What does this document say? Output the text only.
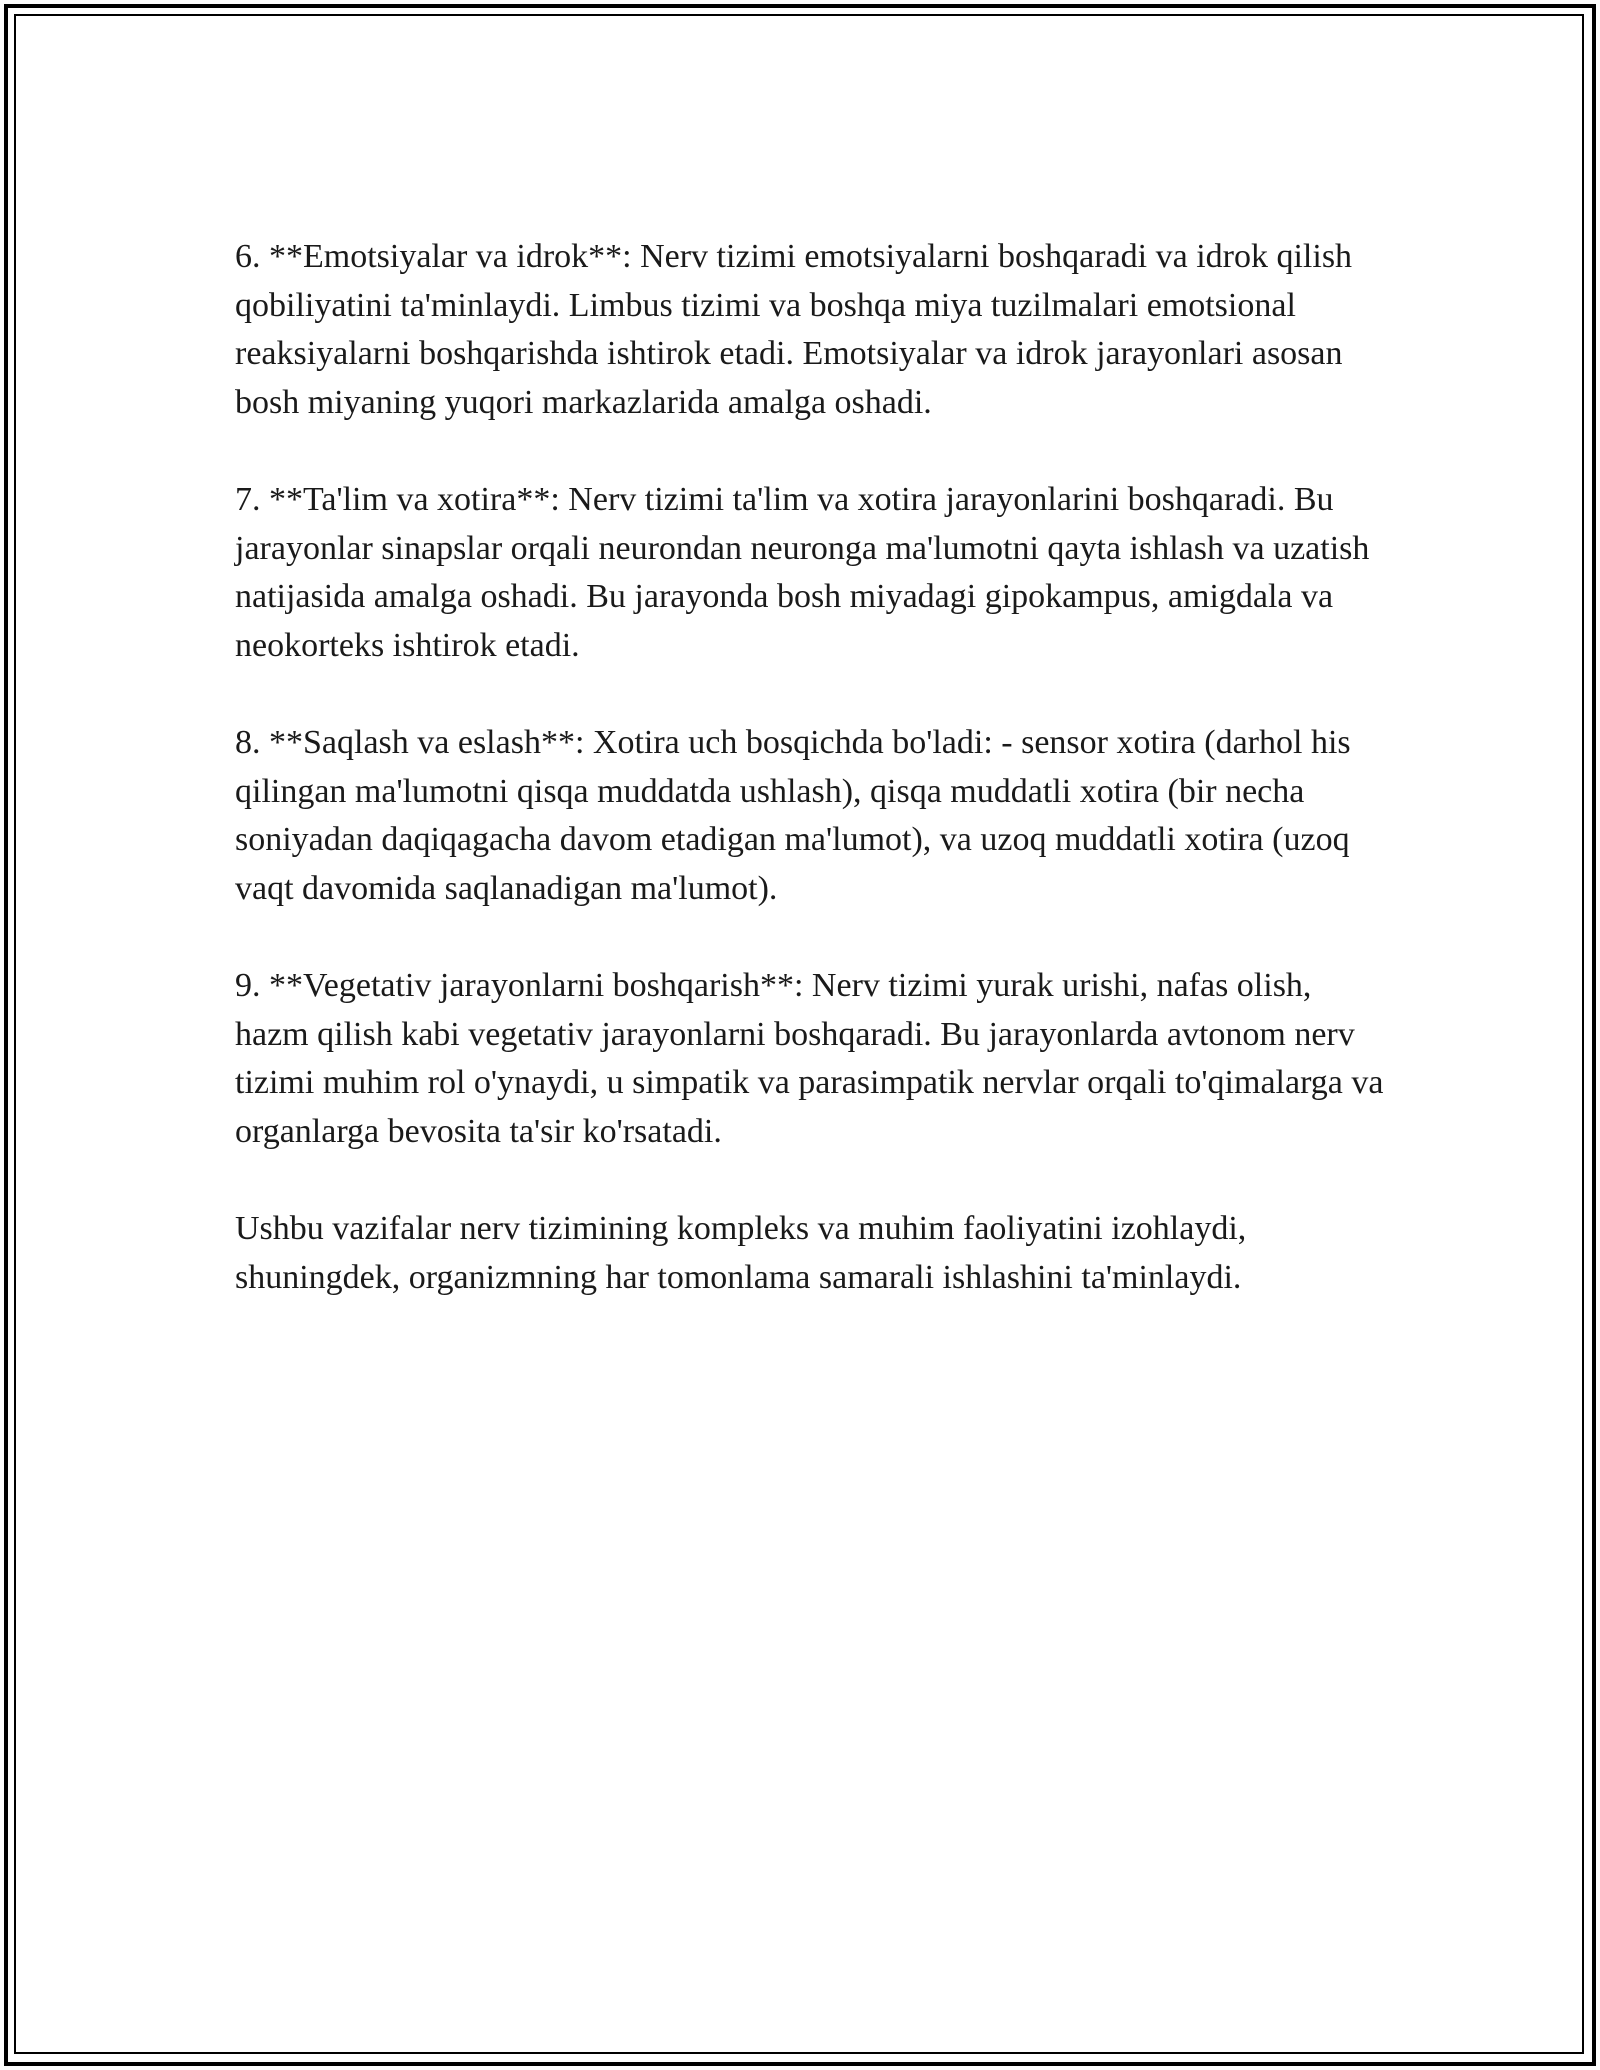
6. **Emotsiyalar va idrok**: Nerv tizimi emotsiyalarni boshqaradi va idrok qilish qobiliyatini ta'minlaydi. Limbus tizimi va boshqa miya tuzilmalari emotsional reaksiyalarni boshqarishda ishtirok etadi. Emotsiyalar va idrok jarayonlari asosan bosh miyaning yuqori markazlarida amalga oshadi.

7. **Ta'lim va xotira**: Nerv tizimi ta'lim va xotira jarayonlarini boshqaradi. Bu jarayonlar sinapslar orqali neurondan neuronga ma'lumotni qayta ishlash va uzatish natijasida amalga oshadi. Bu jarayonda bosh miyadagi gipokampus, amigdala va neokorteks ishtirok etadi.

8. **Saqlash va eslash**: Xotira uch bosqichda bo'ladi: - sensor xotira (darhol his qilingan ma'lumotni qisqa muddatda ushlash), qisqa muddatli xotira (bir necha soniyadan daqiqagacha davom etadigan ma'lumot), va uzoq muddatli xotira (uzoq vaqt davomida saqlanadigan ma'lumot).

9. **Vegetativ jarayonlarni boshqarish**: Nerv tizimi yurak urishi, nafas olish, hazm qilish kabi vegetativ jarayonlarni boshqaradi. Bu jarayonlarda avtonom nerv tizimi muhim rol o'ynaydi, u simpatik va parasimpatik nervlar orqali to'qimalarga va organlarga bevosita ta'sir ko'rsatadi.

Ushbu vazifalar nerv tizimining kompleks va muhim faoliyatini izohlaydi, shuningdek, organizmning har tomonlama samarali ishlashini ta'minlaydi.
